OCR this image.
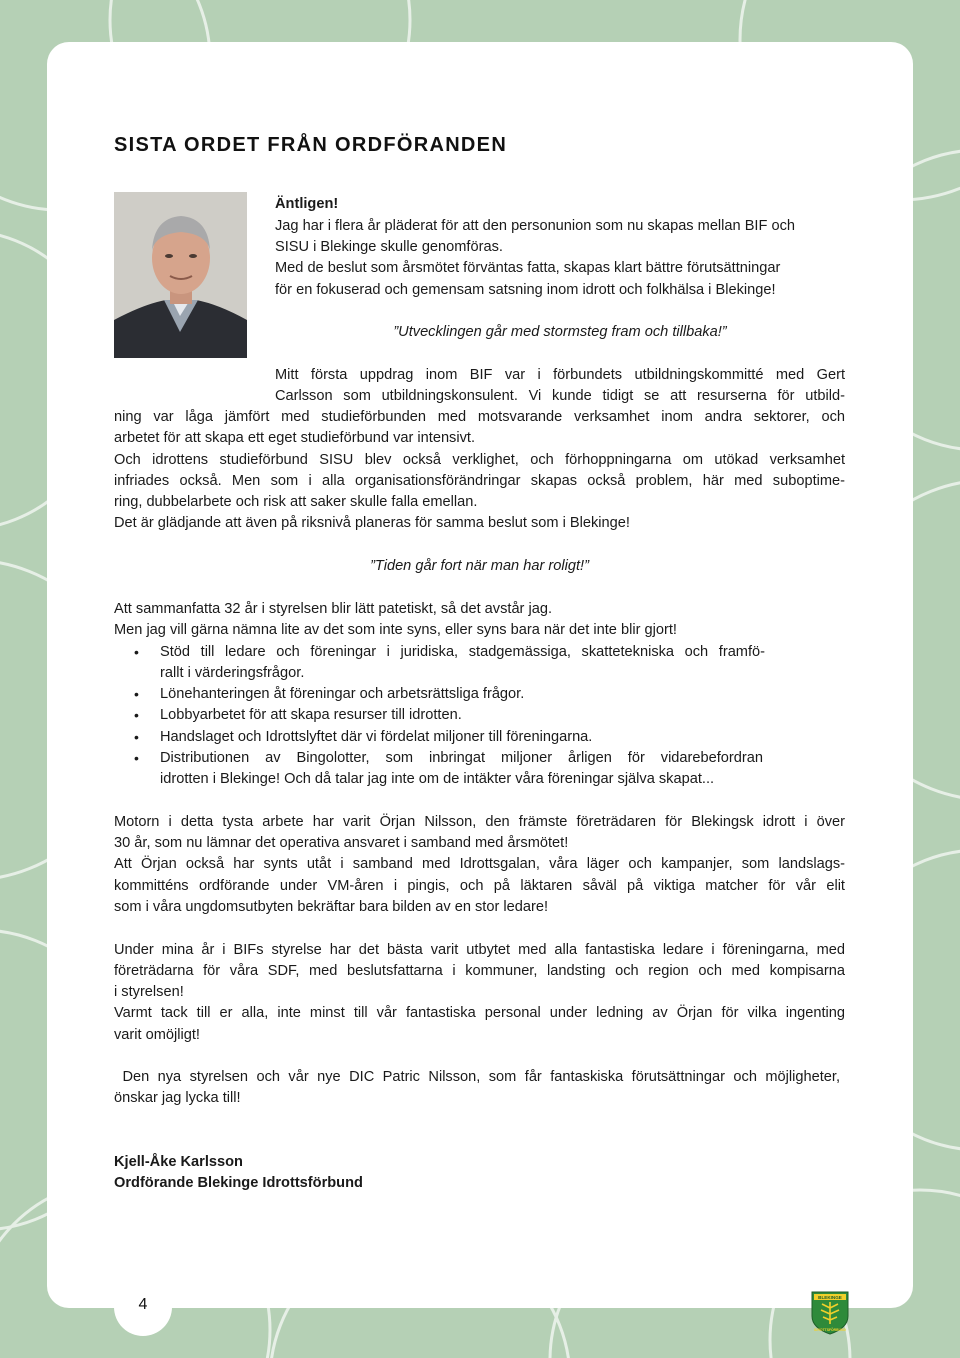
SISTA ORDET FRÅN ORDFÖRANDEN

Äntligen!

Jag har i flera år pläderat för att den personunion som nu skapas mellan BIF och

SISU i Blekinge skulle genomföras.

Med de beslut som årsmötet förväntas fatta, skapas klart bättre förutsättningar

för en fokuserad och gemensam satsning inom idrott och folkhälsa i Blekinge!

”Utvecklingen går med stormsteg fram och tillbaka!”

Mitt första uppdrag inom BIF var i förbundets utbildningskommitté med Gert

Carlsson som utbildningskonsulent. Vi kunde tidigt se att resurserna för utbild-

ning var låga jämfört med studieförbunden med motsvarande verksamhet inom andra sektorer, och

arbetet för att skapa ett eget studieförbund var intensivt.

Och idrottens studieförbund SISU blev också verklighet, och förhoppningarna om utökad verksamhet

infriades också. Men som i alla organisationsförändringar skapas också problem, här med suboptime-

ring, dubbelarbete och risk att saker skulle falla emellan.

Det är glädjande att även på riksnivå planeras för samma beslut som i Blekinge!

”Tiden går fort när man har roligt!”

Att sammanfatta 32 år i styrelsen blir lätt patetiskt, så det avstår jag.

Men jag vill gärna nämna lite av det som inte syns, eller syns bara när det inte blir gjort!

• Stöd till ledare och föreningar i juridiska, stadgemässiga, skattetekniska och framfö-

rallt i värderingsfrågor.

• Lönehanteringen åt föreningar och arbetsrättsliga frågor.

• Lobbyarbetet för att skapa resurser till idrotten.

• Handslaget och Idrottslyftet där vi fördelat miljoner till föreningarna.

• Distributionen av Bingolotter, som inbringat miljoner årligen för vidarebefordran

idrotten i Blekinge! Och då talar jag inte om de intäkter våra föreningar själva skapat...

Motorn i detta tysta arbete har varit Örjan Nilsson, den främste företrädaren för Blekingsk idrott i över

30 år, som nu lämnar det operativa ansvaret i samband med årsmötet!

Att Örjan också har synts utåt i samband med Idrottsgalan, våra läger och kampanjer, som landslags-

kommitténs ordförande under VM-åren i pingis, och på läktaren såväl på viktiga matcher för vår elit

som i våra ungdomsutbyten bekräftar bara bilden av en stor ledare!

Under mina år i BIFs styrelse har det bästa varit utbytet med alla fantastiska ledare i föreningarna, med

företrädarna för våra SDF, med beslutsfattarna i kommuner, landsting och region och med kompisarna

i styrelsen!

Varmt tack till er alla, inte minst till vår fantastiska personal under ledning av Örjan för vilka ingenting

varit omöjligt!

Den nya styrelsen och vår nye DIC Patric Nilsson, som får fantaskiska förutsättningar och möjligheter,

önskar jag lycka till!

Kjell-Åke Karlsson

Ordförande Blekinge Idrottsförbund

4	BLEKINGE
IDROTTSFÖRBUND
